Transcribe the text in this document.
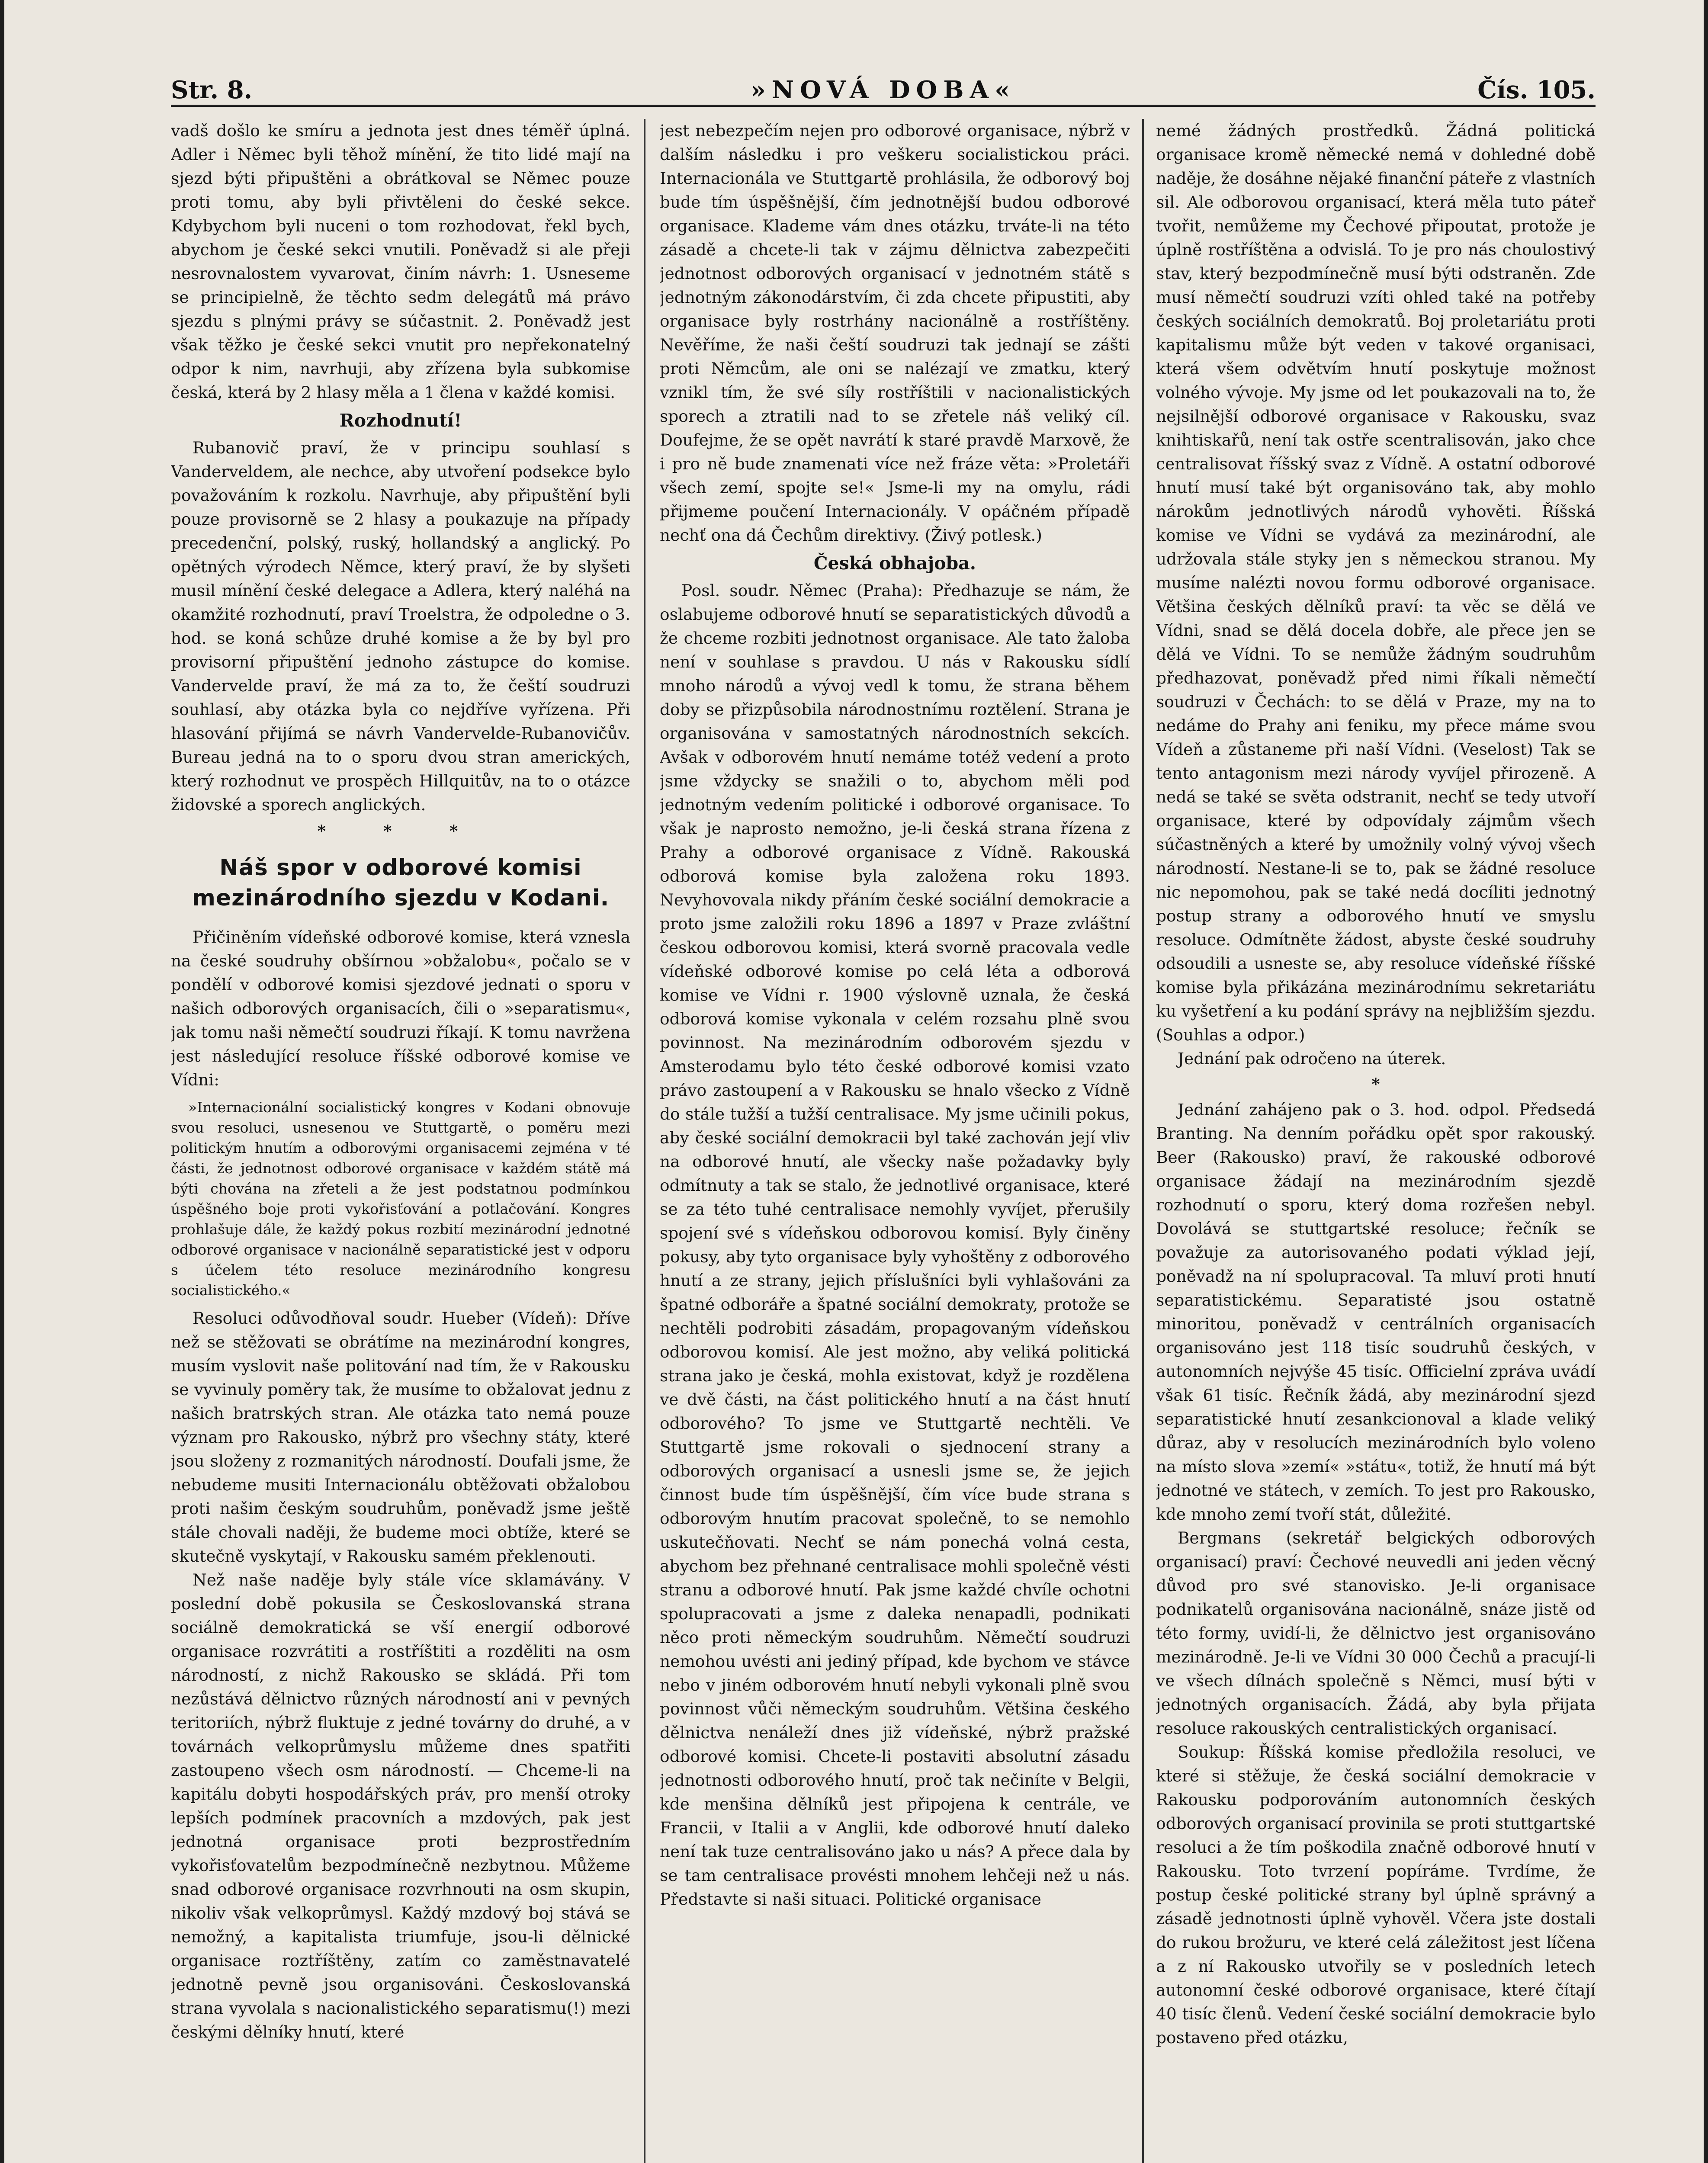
Str. 8.	»NOVÁ DOBA«	Čís. 105.

vadš došlo ke smíru a jednota jest dnes téměř úplná. Adler i Němec byli těhož mínění, že tito lidé mají na sjezd býti připuštěni a obrátkoval se Němec pouze proti tomu, aby byli přivtěleni do české sekce. Kdybychom byli nuceni o tom rozhodovat, řekl bych, abychom je české sekci vnutili. Poněvadž si ale přeji nesrovnalostem vyvarovat, činím návrh: 1. Usneseme se principielně, že těchto sedm delegátů má právo sjezdu s plnými právy se súčastnit. 2. Poněvadž jest však těžko je české sekci vnutit pro nepřekonatelný odpor k nim, navrhuji, aby zřízena byla subkomise česká, která by 2 hlasy měla a 1 člena v každé komisi.

Rozhodnutí!

Rubanovič praví, že v principu souhlasí s Vanderveldem, ale nechce, aby utvoření podsekce bylo považováním k rozkolu. Navrhuje, aby připuštění byli pouze provisorně se 2 hlasy a poukazuje na případy precedenční, polský, ruský, hollandský a anglický. Po opětných výrodech Němce, který praví, že by slyšeti musil mínění české delegace a Adlera, který naléhá na okamžité rozhodnutí, praví Troelstra, že odpoledne o 3. hod. se koná schůze druhé komise a že by byl pro provisorní připuštění jednoho zástupce do komise. Vandervelde praví, že má za to, že čeští soudruzi souhlasí, aby otázka byla co nejdříve vyřízena. Při hlasování přijímá se návrh Vandervelde-Rubanovičův. Bureau jedná na to o sporu dvou stran amerických, který rozhodnut ve prospěch Hillquitův, na to o otázce židovské a sporech anglických.

* * *
Náš spor v odborové komisi mezinárodního sjezdu v Kodani.

Přičiněním vídeňské odborové komise, která vznesla na české soudruhy obšírnou »obžalobu«, počalo se v pondělí v odborové komisi sjezdové jednati o sporu v našich odborových organisacích, čili o »separatismu«, jak tomu naši němečtí soudruzi říkají. K tomu navržena jest následující resoluce říšské odborové komise ve Vídni:

»Internacionální socialistický kongres v Kodani obnovuje svou resoluci, usnesenou ve Stuttgartě, o poměru mezi politickým hnutím a odborovými organisacemi zejména v té části, že jednotnost odborové organisace v každém státě má býti chována na zřeteli a že jest podstatnou podmínkou úspěšného boje proti vykořisťování a potlačování. Kongres prohlašuje dále, že každý pokus rozbití mezinárodní jednotné odborové organisace v nacionálně separatistické jest v odporu s účelem této resoluce mezinárodního kongresu socialistického.«

Resoluci odůvodňoval soudr. Hueber (Vídeň): Dříve než se stěžovati se obrátíme na mezinárodní kongres, musím vyslovit naše politování nad tím, že v Rakousku se vyvinuly poměry tak, že musíme to obžalovat jednu z našich bratrských stran. Ale otázka tato nemá pouze význam pro Rakousko, nýbrž pro všechny státy, které jsou složeny z rozmanitých národností. Doufali jsme, že nebudeme musiti Internacionálu obtěžovati obžalobou proti našim českým soudruhům, poněvadž jsme ještě stále chovali naději, že budeme moci obtíže, které se skutečně vyskytají, v Rakousku samém překlenouti.

Než naše naděje byly stále více sklamávány. V poslední době pokusila se Českoslovanská strana sociálně demokratická se vší energií odborové organisace rozvrátiti a rostříštiti a rozděliti na osm národností, z nichž Rakousko se skládá. Při tom nezůstává dělnictvo různých národností ani v pevných teritoriích, nýbrž fluktuje z jedné továrny do druhé, a v továrnách velkoprůmyslu můžeme dnes spatřiti zastoupeno všech osm národností. — Chceme-li na kapitálu dobyti hospodářských práv, pro menší otroky lepších podmínek pracovních a mzdových, pak jest jednotná organisace proti bezprostředním vykořisťovatelům bezpodmínečně nezbytnou. Můžeme snad odborové organisace rozvrhnouti na osm skupin, nikoliv však velkoprůmysl. Každý mzdový boj stává se nemožný, a kapitalista triumfuje, jsou-li dělnické organisace roztříštěny, zatím co zaměstnavatelé jednotně pevně jsou organisováni. Českoslovanská strana vyvolala s nacionalistického separatismu(!) mezi českými dělníky hnutí, které

jest nebezpečím nejen pro odborové organisace, nýbrž v dalším následku i pro veškeru socialistickou práci. Internacionála ve Stuttgartě prohlásila, že odborový boj bude tím úspěšnější, čím jednotnější budou odborové organisace. Klademe vám dnes otázku, trváte-li na této zásadě a chcete-li tak v zájmu dělnictva zabezpečiti jednotnost odborových organisací v jednotném státě s jednotným zákonodárstvím, či zda chcete připustiti, aby organisace byly rostrhány nacionálně a rostříštěny. Nevěříme, že naši čeští soudruzi tak jednají se zášti proti Němcům, ale oni se nalézají ve zmatku, který vznikl tím, že své síly rostříštili v nacionalistických sporech a ztratili nad to se zřetele náš veliký cíl. Doufejme, že se opět navrátí k staré pravdě Marxově, že i pro ně bude znamenati více než fráze věta: »Proletáři všech zemí, spojte se!« Jsme-li my na omylu, rádi přijmeme poučení Internacionály. V opáčném případě nechť ona dá Čechům direktivy. (Živý potlesk.)

Česká obhajoba.

Posl. soudr. Němec (Praha): Předhazuje se nám, že oslabujeme odborové hnutí se separatistických důvodů a že chceme rozbiti jednotnost organisace. Ale tato žaloba není v souhlase s pravdou. U nás v Rakousku sídlí mnoho národů a vývoj vedl k tomu, že strana během doby se přizpůsobila národnostnímu roztělení. Strana je organisována v samostatných národnostních sekcích. Avšak v odborovém hnutí nemáme totéž vedení a proto jsme vždycky se snažili o to, abychom měli pod jednotným vedením politické i odborové organisace. To však je naprosto nemožno, je-li česká strana řízena z Prahy a odborové organisace z Vídně. Rakouská odborová komise byla založena roku 1893. Nevyhovovala nikdy přáním české sociální demokracie a proto jsme založili roku 1896 a 1897 v Praze zvláštní českou odborovou komisi, která svorně pracovala vedle vídeňské odborové komise po celá léta a odborová komise ve Vídni r. 1900 výslovně uznala, že česká odborová komise vykonala v celém rozsahu plně svou povinnost. Na mezinárodním odborovém sjezdu v Amsterodamu bylo této české odborové komisi vzato právo zastoupení a v Rakousku se hnalo všecko z Vídně do stále tužší a tužší centralisace. My jsme učinili pokus, aby české sociální demokracii byl také zachován její vliv na odborové hnutí, ale všecky naše požadavky byly odmítnuty a tak se stalo, že jednotlivé organisace, které se za této tuhé centralisace nemohly vyvíjet, přerušily spojení své s vídeňskou odborovou komisí. Byly činěny pokusy, aby tyto organisace byly vyhoštěny z odborového hnutí a ze strany, jejich příslušníci byli vyhlašováni za špatné odboráře a špatné sociální demokraty, protože se nechtěli podrobiti zásadám, propagovaným vídeňskou odborovou komisí. Ale jest možno, aby veliká politická strana jako je česká, mohla existovat, když je rozdělena ve dvě části, na část politického hnutí a na část hnutí odborového? To jsme ve Stuttgartě nechtěli. Ve Stuttgartě jsme rokovali o sjednocení strany a odborových organisací a usnesli jsme se, že jejich činnost bude tím úspěšnější, čím více bude strana s odborovým hnutím pracovat společně, to se nemohlo uskutečňovati. Nechť se nám ponechá volná cesta, abychom bez přehnané centralisace mohli společně vésti stranu a odborové hnutí. Pak jsme každé chvíle ochotni spolupracovati a jsme z daleka nenapadli, podnikati něco proti německým soudruhům. Němečtí soudruzi nemohou uvésti ani jediný případ, kde bychom ve stávce nebo v jiném odborovém hnutí nebyli vykonali plně svou povinnost vůči německým soudruhům. Většina českého dělnictva nenáleží dnes již vídeňské, nýbrž pražské odborové komisi. Chcete-li postaviti absolutní zásadu jednotnosti odborového hnutí, proč tak nečiníte v Belgii, kde menšina dělníků jest připojena k centrále, ve Francii, v Italii a v Anglii, kde odborové hnutí daleko není tak tuze centralisováno jako u nás? A přece dala by se tam centralisace provésti mnohem lehčeji než u nás. Představte si naši situaci. Politické organisace

nemé žádných prostředků. Žádná politická organisace kromě německé nemá v dohledné době naděje, že dosáhne nějaké finanční páteře z vlastních sil. Ale odborovou organisací, která měla tuto páteř tvořit, nemůžeme my Čechové připoutat, protože je úplně rostříštěna a odvislá. To je pro nás choulostivý stav, který bezpodmínečně musí býti odstraněn. Zde musí němečtí soudruzi vzíti ohled také na potřeby českých sociálních demokratů. Boj proletariátu proti kapitalismu může být veden v takové organisaci, která všem odvětvím hnutí poskytuje možnost volného vývoje. My jsme od let poukazovali na to, že nejsilnější odborové organisace v Rakousku, svaz knihtiskařů, není tak ostře scentralisován, jako chce centralisovat říšský svaz z Vídně. A ostatní odborové hnutí musí také být organisováno tak, aby mohlo nárokům jednotlivých národů vyhověti. Říšská komise ve Vídni se vydává za mezinárodní, ale udržovala stále styky jen s německou stranou. My musíme nalézti novou formu odborové organisace. Většina českých dělníků praví: ta věc se dělá ve Vídni, snad se dělá docela dobře, ale přece jen se dělá ve Vídni. To se nemůže žádným soudruhům předhazovat, poněvadž před nimi říkali němečtí soudruzi v Čechách: to se dělá v Praze, my na to nedáme do Prahy ani feniku, my přece máme svou Vídeň a zůstaneme při naší Vídni. (Veselost) Tak se tento antagonism mezi národy vyvíjel přirozeně. A nedá se také se světa odstranit, nechť se tedy utvoří organisace, které by odpovídaly zájmům všech súčastněných a které by umožnily volný vývoj všech národností. Nestane-li se to, pak se žádné resoluce nic nepomohou, pak se také nedá docíliti jednotný postup strany a odborového hnutí ve smyslu resoluce. Odmítněte žádost, abyste české soudruhy odsoudili a usneste se, aby resoluce vídeňské říšské komise byla přikázána mezinárodnímu sekretariátu ku vyšetření a ku podání správy na nejbližším sjezdu. (Souhlas a odpor.)

Jednání pak odročeno na úterek.

*

Jednání zahájeno pak o 3. hod. odpol. Předsedá Branting. Na denním pořádku opět spor rakouský. Beer (Rakousko) praví, že rakouské odborové organisace žádají na mezinárodním sjezdě rozhodnutí o sporu, který doma rozřešen nebyl. Dovolává se stuttgartské resoluce; řečník se považuje za autorisovaného podati výklad její, poněvadž na ní spolupracoval. Ta mluví proti hnutí separatistickému. Separatisté jsou ostatně minoritou, poněvadž v centrálních organisacích organisováno jest 118 tisíc soudruhů českých, v autonomních nejvýše 45 tisíc. Officielní zpráva uvádí však 61 tisíc. Řečník žádá, aby mezinárodní sjezd separatistické hnutí zesankcionoval a klade veliký důraz, aby v resolucích mezinárodních bylo voleno na místo slova »zemí« »státu«, totiž, že hnutí má být jednotné ve státech, v zemích. To jest pro Rakousko, kde mnoho zemí tvoří stát, důležité.

Bergmans (sekretář belgických odborových organisací) praví: Čechové neuvedli ani jeden věcný důvod pro své stanovisko. Je-li organisace podnikatelů organisována nacionálně, snáze jistě od této formy, uvidí-li, že dělnictvo jest organisováno mezinárodně. Je-li ve Vídni 30 000 Čechů a pracují-li ve všech dílnách společně s Němci, musí býti v jednotných organisacích. Žádá, aby byla přijata resoluce rakouských centralistických organisací.

Soukup: Říšská komise předložila resoluci, ve které si stěžuje, že česká sociální demokracie v Rakousku podporováním autonomních českých odborových organisací provinila se proti stuttgartské resoluci a že tím poškodila značně odborové hnutí v Rakousku. Toto tvrzení popíráme. Tvrdíme, že postup české politické strany byl úplně správný a zásadě jednotnosti úplně vyhověl. Včera jste dostali do rukou brožuru, ve které celá záležitost jest líčena a z ní Rakousko utvořily se v posledních letech autonomní české odborové organisace, které čítají 40 tisíc členů. Vedení české sociální demokracie bylo postaveno před otázku,
